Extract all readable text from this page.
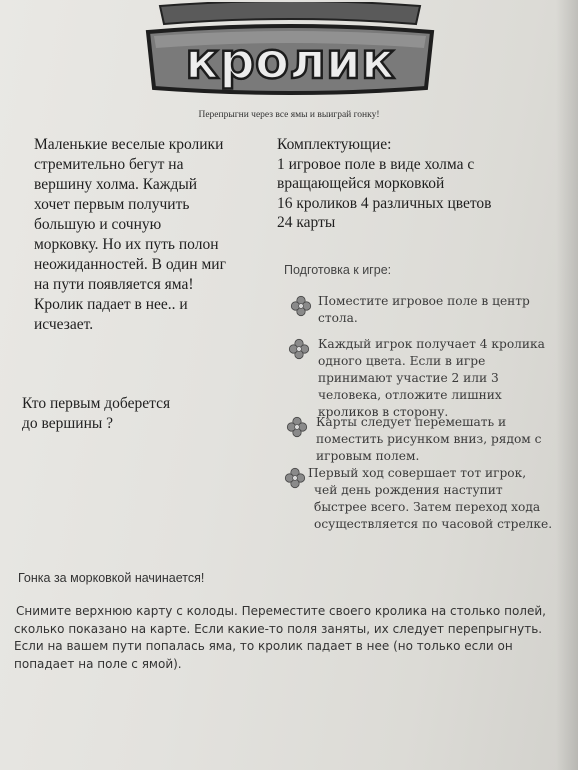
кролик
Перепрыгни через все ямы и выиграй гонку!

Маленькие веселые кролики

стремительно бегут на

вершину холма. Каждый

хочет первым получить

большую и сочную

морковку. Но их путь полон

неожиданностей. В один миг

на пути появляется яма!

Кролик падает в нее.. и

исчезает.

Кто первым доберется
до вершины ?
Комплектующие:
1 игровое поле в виде холма с
вращающейся морковкой
16 кроликов 4 различных цветов
24 карты
Подготовка к игре:
Поместите игровое поле в центр
стола.
Каждый игрок получает 4 кролика
одного цвета. Если в игре
принимают участие 2 или 3
человека, отложите лишних
кроликов в сторону.
Карты следует перемешать и
поместить рисунком вниз, рядом с
игровым полем.
Первый ход совершает тот игрок,
чей день рождения наступит
быстрее всего. Затем переход хода
осуществляется по часовой стрелке.
Гонка за морковкой начинается!
Снимите верхнюю карту с колоды. Переместите своего кролика на столько полей,
сколько показано на карте. Если какие-то поля заняты, их следует перепрыгнуть.
Если на вашем пути попалась яма, то кролик падает в нее (но только если он
попадает на поле с ямой).
